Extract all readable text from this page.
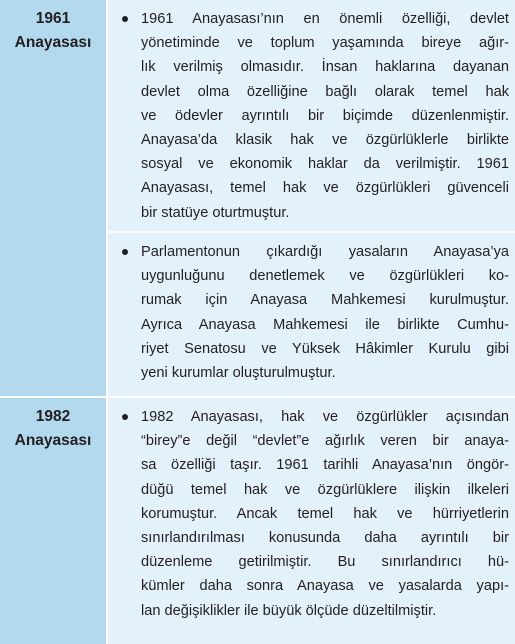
1961
Anayasası
1961 Anayasası’nın en önemli özelliği, devlet
yönetiminde ve toplum yaşamında bireye ağır-
lık verilmiş olmasıdır. İnsan haklarına dayanan
devlet olma özelliğine bağlı olarak temel hak
ve ödevler ayrıntılı bir biçimde düzenlenmiştir.
Anayasa’da klasik hak ve özgürlüklerle birlikte
sosyal ve ekonomik haklar da verilmiştir. 1961
Anayasası, temel hak ve özgürlükleri güvenceli
bir statüye oturtmuştur.
Parlamentonun çıkardığı yasaların Anayasa’ya
uygunluğunu denetlemek ve özgürlükleri ko-
rumak için Anayasa Mahkemesi kurulmuştur.
Ayrıca Anayasa Mahkemesi ile birlikte Cumhu-
riyet Senatosu ve Yüksek Hâkimler Kurulu gibi
yeni kurumlar oluşturulmuştur.
1982
Anayasası
1982 Anayasası, hak ve özgürlükler açısından
“birey”e değil “devlet”e ağırlık veren bir anaya-
sa özelliği taşır. 1961 tarihli Anayasa’nın öngör-
düğü temel hak ve özgürlüklere ilişkin ilkeleri
korumuştur. Ancak temel hak ve hürriyetlerin
sınırlandırılması konusunda daha ayrıntılı bir
düzenleme getirilmiştir. Bu sınırlandırıcı hü-
kümler daha sonra Anayasa ve yasalarda yapı-
lan değişiklikler ile büyük ölçüde düzeltilmiştir.
